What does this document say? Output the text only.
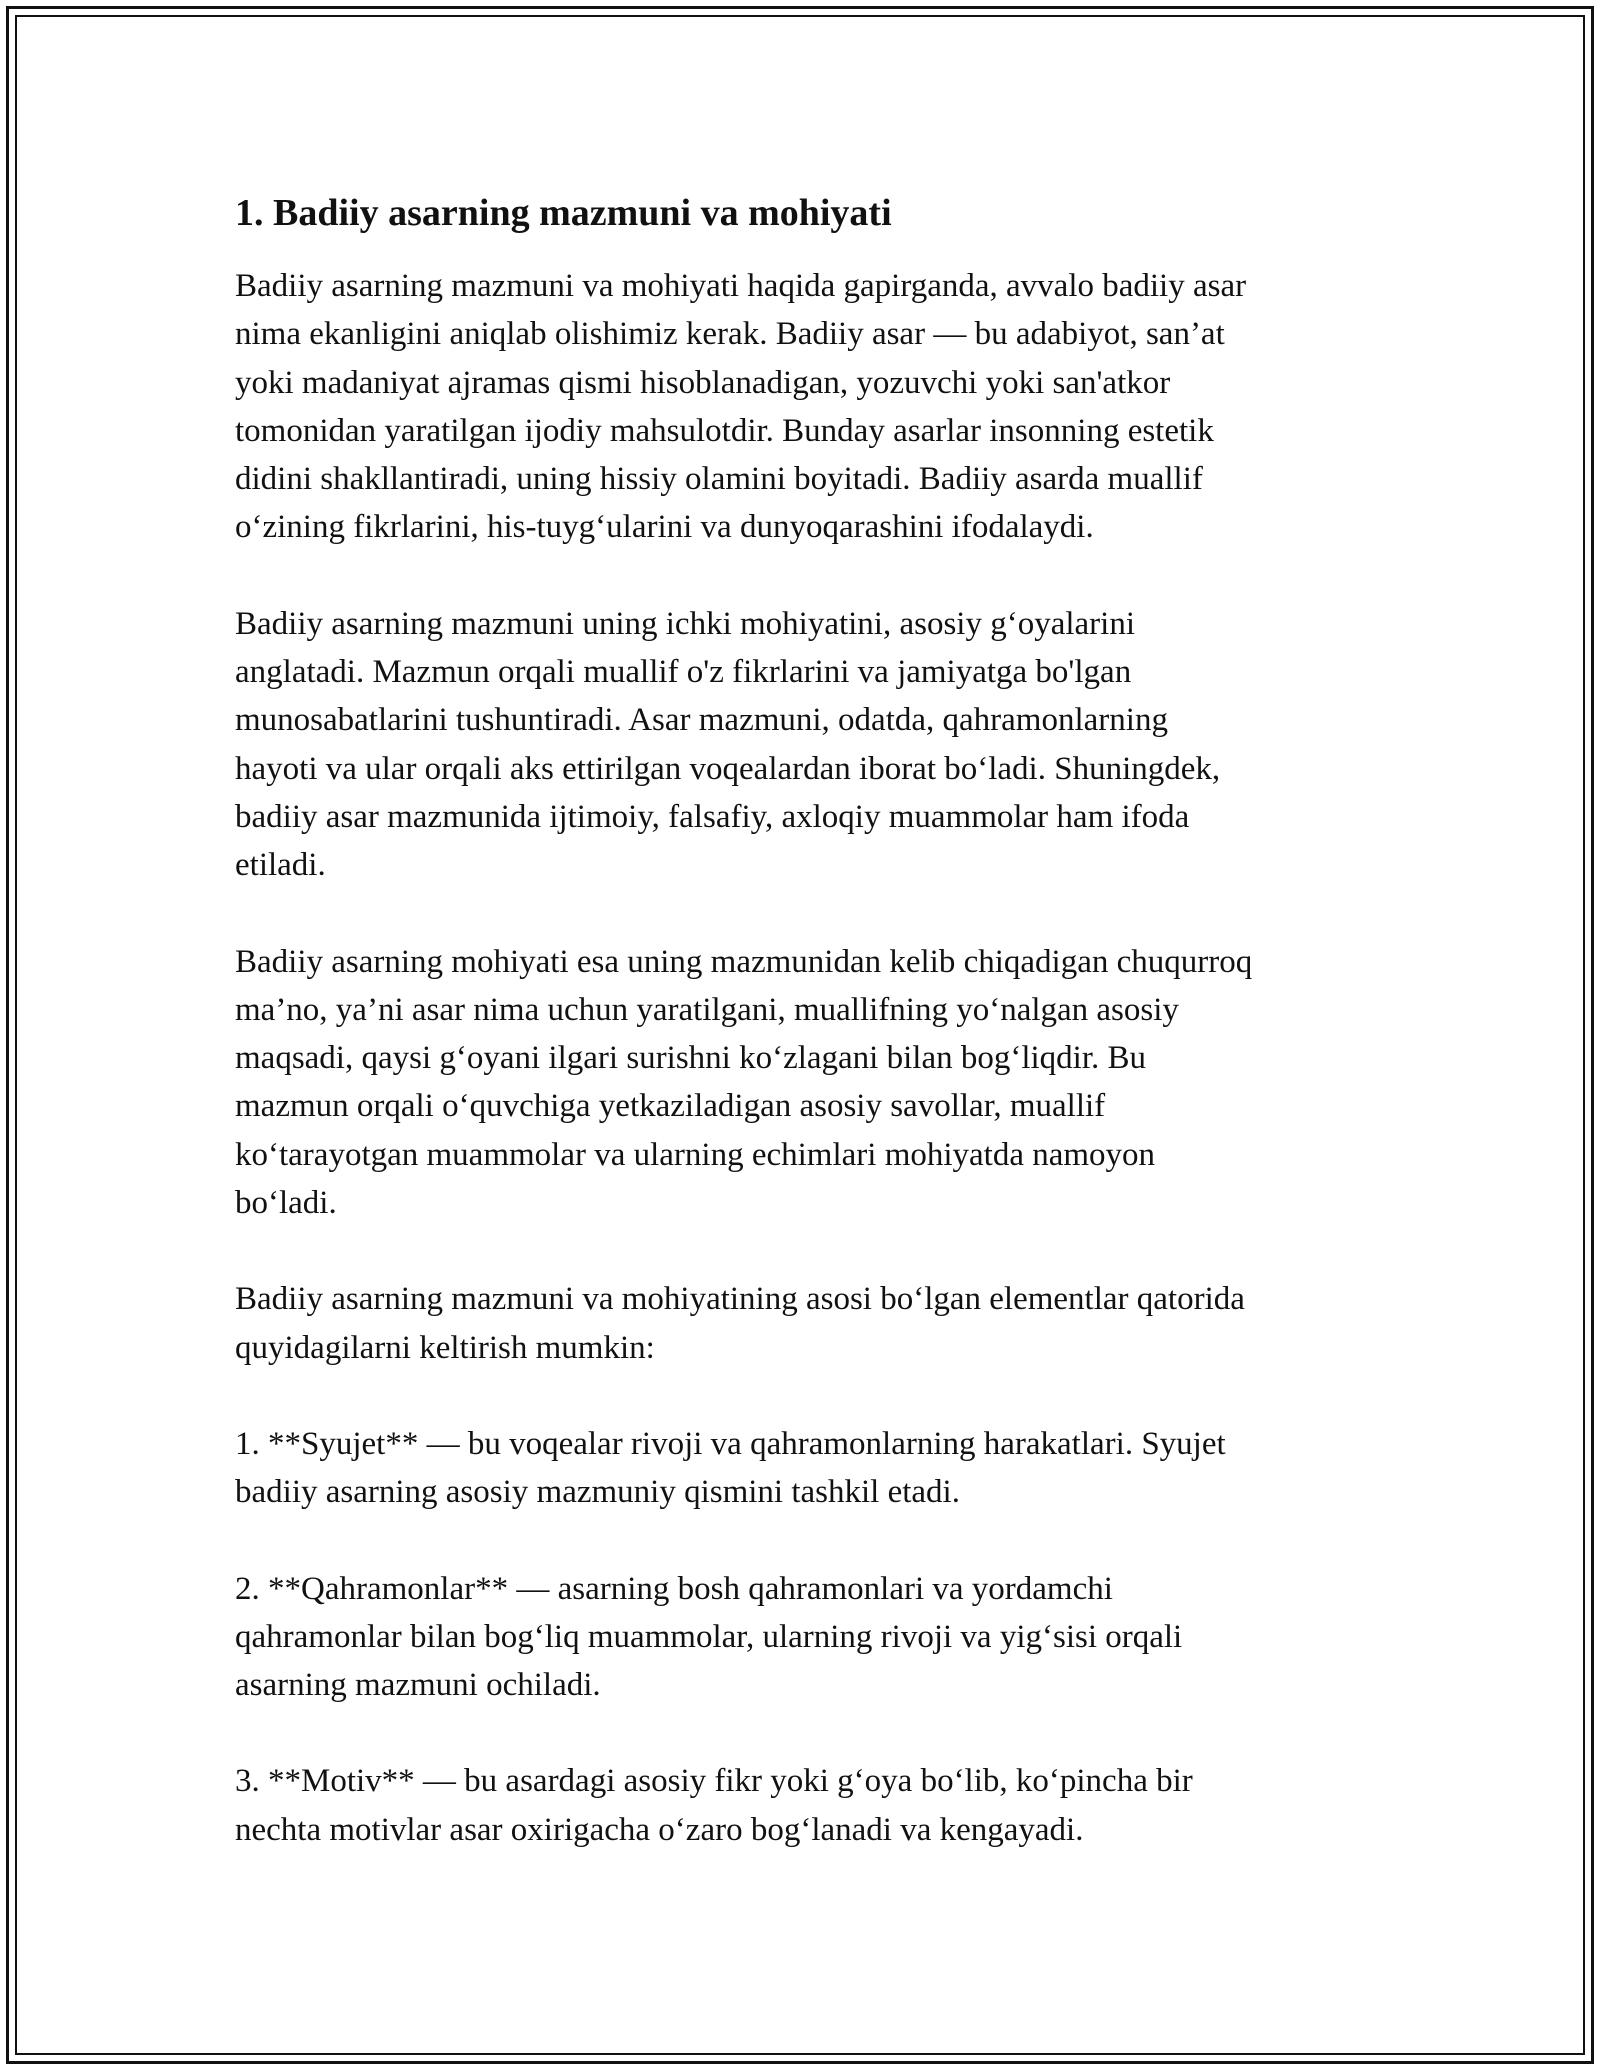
1. Badiiy asarning mazmuni va mohiyati

Badiiy asarning mazmuni va mohiyati haqida gapirganda, avvalo badiiy asar
nima ekanligini aniqlab olishimiz kerak. Badiiy asar — bu adabiyot, san’at
yoki madaniyat ajramas qismi hisoblanadigan, yozuvchi yoki san'atkor
tomonidan yaratilgan ijodiy mahsulotdir. Bunday asarlar insonning estetik
didini shakllantiradi, uning hissiy olamini boyitadi. Badiiy asarda muallif
o‘zining fikrlarini, his-tuyg‘ularini va dunyoqarashini ifodalaydi.

Badiiy asarning mazmuni uning ichki mohiyatini, asosiy g‘oyalarini
anglatadi. Mazmun orqali muallif o'z fikrlarini va jamiyatga bo'lgan
munosabatlarini tushuntiradi. Asar mazmuni, odatda, qahramonlarning
hayoti va ular orqali aks ettirilgan voqealardan iborat bo‘ladi. Shuningdek,
badiiy asar mazmunida ijtimoiy, falsafiy, axloqiy muammolar ham ifoda
etiladi.

Badiiy asarning mohiyati esa uning mazmunidan kelib chiqadigan chuqurroq
ma’no, ya’ni asar nima uchun yaratilgani, muallifning yo‘nalgan asosiy
maqsadi, qaysi g‘oyani ilgari surishni ko‘zlagani bilan bog‘liqdir. Bu
mazmun orqali o‘quvchiga yetkaziladigan asosiy savollar, muallif
ko‘tarayotgan muammolar va ularning echimlari mohiyatda namoyon
bo‘ladi.

Badiiy asarning mazmuni va mohiyatining asosi bo‘lgan elementlar qatorida
quyidagilarni keltirish mumkin:

1. **Syujet** — bu voqealar rivoji va qahramonlarning harakatlari. Syujet
badiiy asarning asosiy mazmuniy qismini tashkil etadi.

2. **Qahramonlar** — asarning bosh qahramonlari va yordamchi
qahramonlar bilan bog‘liq muammolar, ularning rivoji va yig‘sisi orqali
asarning mazmuni ochiladi.

3. **Motiv** — bu asardagi asosiy fikr yoki g‘oya bo‘lib, ko‘pincha bir
nechta motivlar asar oxirigacha o‘zaro bog‘lanadi va kengayadi.
